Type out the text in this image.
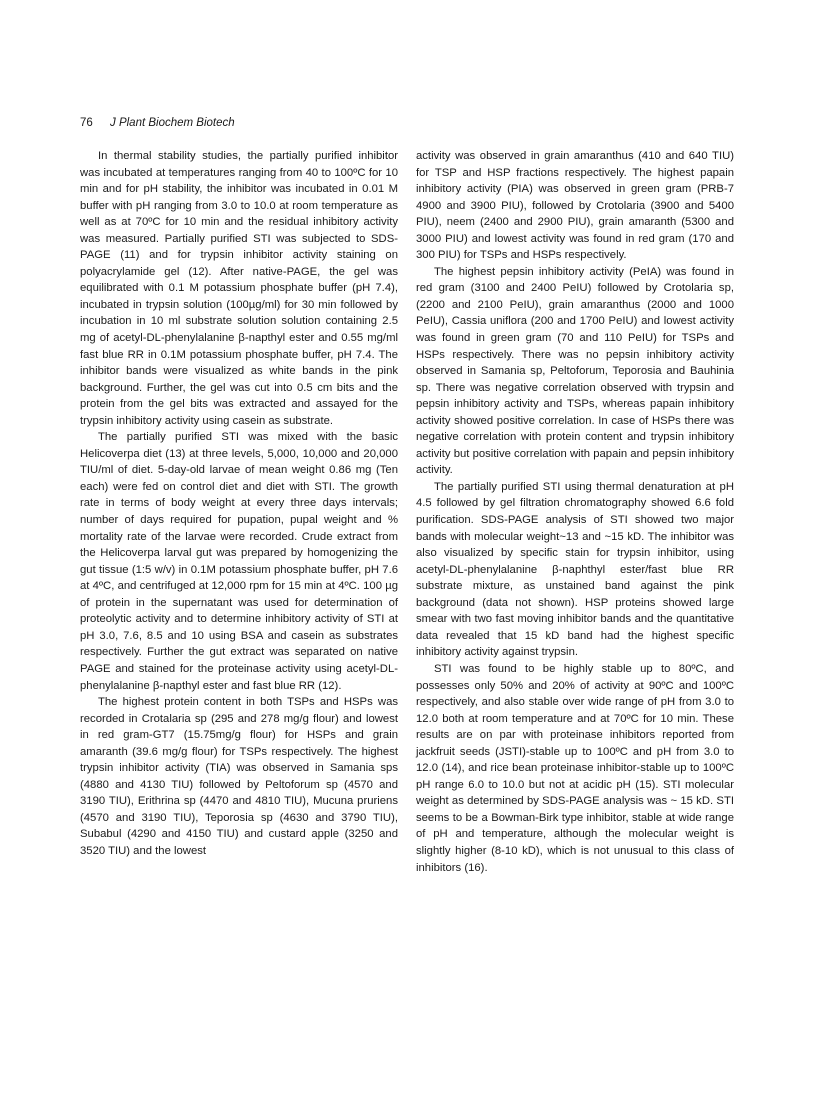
76 J Plant Biochem Biotech

In thermal stability studies, the partially purified inhibitor was incubated at temperatures ranging from 40 to 100ºC for 10 min and for pH stability, the inhibitor was incubated in 0.01 M buffer with pH ranging from 3.0 to 10.0 at room temperature as well as at 70ºC for 10 min and the residual inhibitory activity was measured. Partially purified STI was subjected to SDS-PAGE (11) and for trypsin inhibitor activity staining on polyacrylamide gel (12). After native-PAGE, the gel was equilibrated with 0.1 M potassium phosphate buffer (pH 7.4), incubated in trypsin solution (100µg/ml) for 30 min followed by incubation in 10 ml substrate solution solution containing 2.5 mg of acetyl-DL-phenylalanine β-napthyl ester and 0.55 mg/ml fast blue RR in 0.1M potassium phosphate buffer, pH 7.4. The inhibitor bands were visualized as white bands in the pink background. Further, the gel was cut into 0.5 cm bits and the protein from the gel bits was extracted and assayed for the trypsin inhibitory activity using casein as substrate.

The partially purified STI was mixed with the basic Helicoverpa diet (13) at three levels, 5,000, 10,000 and 20,000 TIU/ml of diet. 5-day-old larvae of mean weight 0.86 mg (Ten each) were fed on control diet and diet with STI. The growth rate in terms of body weight at every three days intervals; number of days required for pupation, pupal weight and % mortality rate of the larvae were recorded. Crude extract from the Helicoverpa larval gut was prepared by homogenizing the gut tissue (1:5 w/v) in 0.1M potassium phosphate buffer, pH 7.6 at 4ºC, and centrifuged at 12,000 rpm for 15 min at 4ºC. 100 µg of protein in the supernatant was used for determination of proteolytic activity and to determine inhibitory activity of STI at pH 3.0, 7.6, 8.5 and 10 using BSA and casein as substrates respectively. Further the gut extract was separated on native PAGE and stained for the proteinase activity using acetyl-DL-phenylalanine β-napthyl ester and fast blue RR (12).

The highest protein content in both TSPs and HSPs was recorded in Crotalaria sp (295 and 278 mg/g flour) and lowest in red gram-GT7 (15.75mg/g flour) for HSPs and grain amaranth (39.6 mg/g flour) for TSPs respectively. The highest trypsin inhibitor activity (TIA) was observed in Samania sps (4880 and 4130 TIU) followed by Peltoforum sp (4570 and 3190 TIU), Erithrina sp (4470 and 4810 TIU), Mucuna pruriens (4570 and 3190 TIU), Teporosia sp (4630 and 3790 TIU), Subabul (4290 and 4150 TIU) and custard apple (3250 and 3520 TIU) and the lowest

activity was observed in grain amaranthus (410 and 640 TIU) for TSP and HSP fractions respectively. The highest papain inhibitory activity (PIA) was observed in green gram (PRB-7 4900 and 3900 PIU), followed by Crotolaria (3900 and 5400 PIU), neem (2400 and 2900 PIU), grain amaranth (5300 and 3000 PIU) and lowest activity was found in red gram (170 and 300 PIU) for TSPs and HSPs respectively.

The highest pepsin inhibitory activity (PeIA) was found in red gram (3100 and 2400 PeIU) followed by Crotolaria sp, (2200 and 2100 PeIU), grain amaranthus (2000 and 1000 PeIU), Cassia uniflora (200 and 1700 PeIU) and lowest activity was found in green gram (70 and 110 PeIU) for TSPs and HSPs respectively. There was no pepsin inhibitory activity observed in Samania sp, Peltoforum, Teporosia and Bauhinia sp. There was negative correlation observed with trypsin and pepsin inhibitory activity and TSPs, whereas papain inhibitory activity showed positive correlation. In case of HSPs there was negative correlation with protein content and trypsin inhibitory activity but positive correlation with papain and pepsin inhibitory activity.

The partially purified STI using thermal denaturation at pH 4.5 followed by gel filtration chromatography showed 6.6 fold purification. SDS-PAGE analysis of STI showed two major bands with molecular weight~13 and ~15 kD. The inhibitor was also visualized by specific stain for trypsin inhibitor, using acetyl-DL-phenylalanine β-naphthyl ester/fast blue RR substrate mixture, as unstained band against the pink background (data not shown). HSP proteins showed large smear with two fast moving inhibitor bands and the quantitative data revealed that 15 kD band had the highest specific inhibitory activity against trypsin.

STI was found to be highly stable up to 80ºC, and possesses only 50% and 20% of activity at 90ºC and 100ºC respectively, and also stable over wide range of pH from 3.0 to 12.0 both at room temperature and at 70ºC for 10 min. These results are on par with proteinase inhibitors reported from jackfruit seeds (JSTI)-stable up to 100ºC and pH from 3.0 to 12.0 (14), and rice bean proteinase inhibitor-stable up to 100ºC pH range 6.0 to 10.0 but not at acidic pH (15). STI molecular weight as determined by SDS-PAGE analysis was ~ 15 kD. STI seems to be a Bowman-Birk type inhibitor, stable at wide range of pH and temperature, although the molecular weight is slightly higher (8-10 kD), which is not unusual to this class of inhibitors (16).
